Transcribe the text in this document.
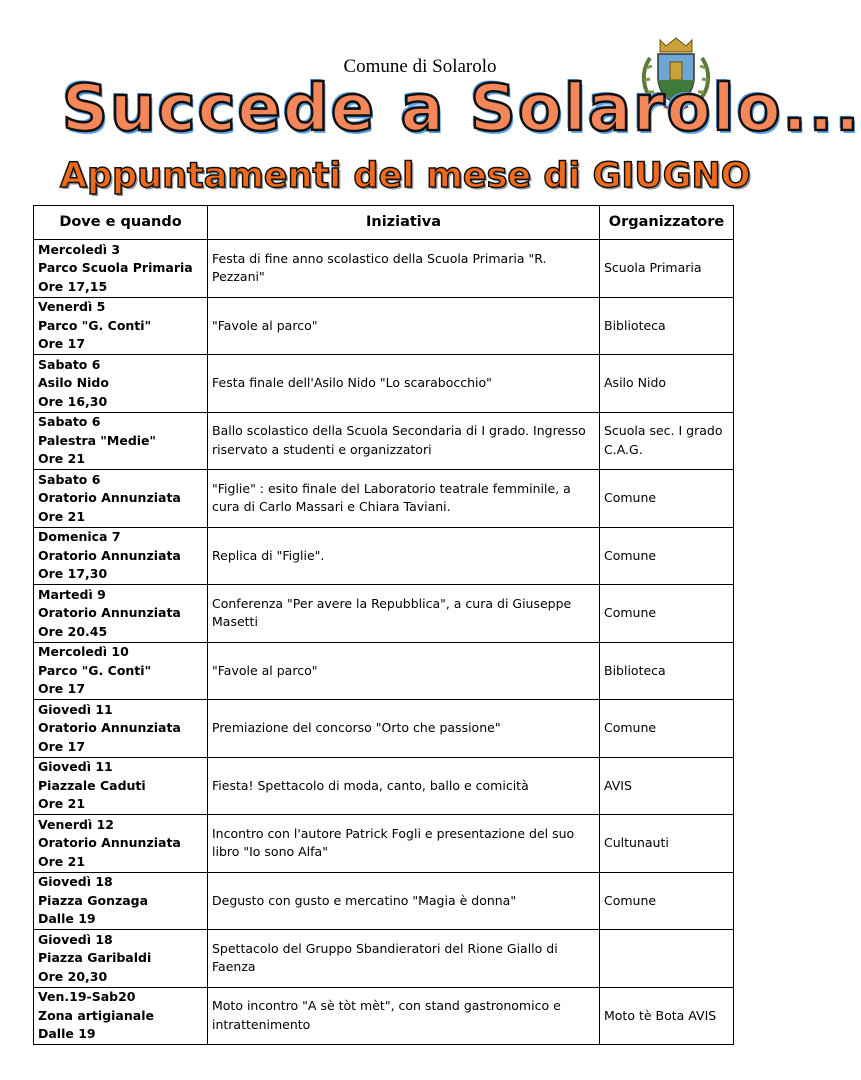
Comune di Solarolo
Succede a Solarolo...
Appuntamenti del mese di GIUGNO
Dove e quando	Iniziativa	Organizzatore

Mercoledì 3
Parco Scuola Primaria
Ore 17,15	Festa di fine anno scolastico della Scuola Primaria "R. Pezzani"	Scuola Primaria

Venerdì 5
Parco "G. Conti"
Ore 17	"Favole al parco"	Biblioteca

Sabato 6
Asilo Nido
Ore 16,30	Festa finale dell'Asilo Nido "Lo scarabocchio"	Asilo Nido

Sabato 6
Palestra "Medie"
Ore 21	Ballo scolastico della Scuola Secondaria di I grado. Ingresso riservato a studenti e organizzatori	Scuola sec. I grado C.A.G.

Sabato 6
Oratorio Annunziata
Ore 21	"Figlie" : esito finale del Laboratorio teatrale femminile, a cura di Carlo Massari e Chiara Taviani.	Comune

Domenica 7
Oratorio Annunziata
Ore 17,30	Replica di "Figlie".	Comune

Martedì 9
Oratorio Annunziata
Ore 20.45	Conferenza "Per avere la Repubblica", a cura di Giuseppe Masetti	Comune

Mercoledì 10
Parco "G. Conti"
Ore 17	"Favole al parco"	Biblioteca

Giovedì 11
Oratorio Annunziata
Ore 17	Premiazione del concorso "Orto che passione"	Comune

Giovedì 11
Piazzale Caduti
Ore 21	Fiesta! Spettacolo di moda, canto, ballo e comicità	AVIS

Venerdì 12
Oratorio Annunziata
Ore 21	Incontro con l'autore Patrick Fogli e presentazione del suo libro "Io sono Alfa"	Cultunauti

Giovedì 18
Piazza Gonzaga
Dalle 19	Degusto con gusto e mercatino "Magia è donna"	Comune

Giovedì 18
Piazza Garibaldi
Ore 20,30	Spettacolo del Gruppo Sbandieratori del Rione Giallo di Faenza	

Ven.19-Sab20
Zona artigianale
Dalle 19	Moto incontro "A sè tòt mèt", con stand gastronomico e intrattenimento	Moto tè Bota AVIS
